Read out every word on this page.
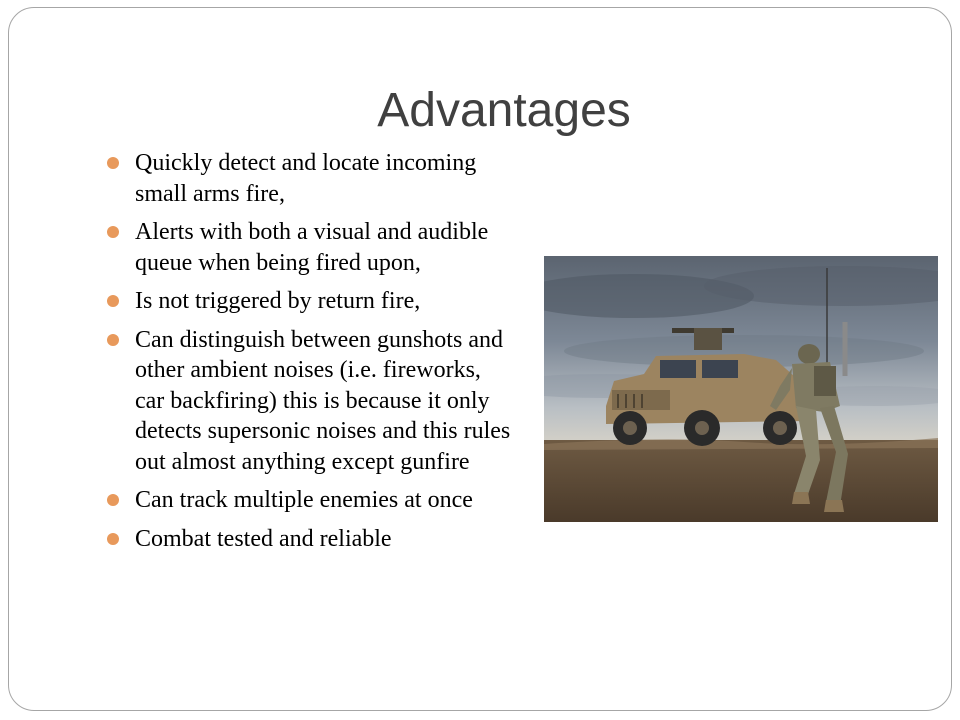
Advantages
Quickly detect and locate incoming small arms fire,
Alerts with both a visual and audible queue when being fired upon,
Is not triggered by return fire,
Can distinguish between gunshots and other ambient noises (i.e. fireworks, car backfiring) this is because it only detects supersonic noises and this rules out almost anything except gunfire
Can track multiple enemies at once
Combat tested and reliable
